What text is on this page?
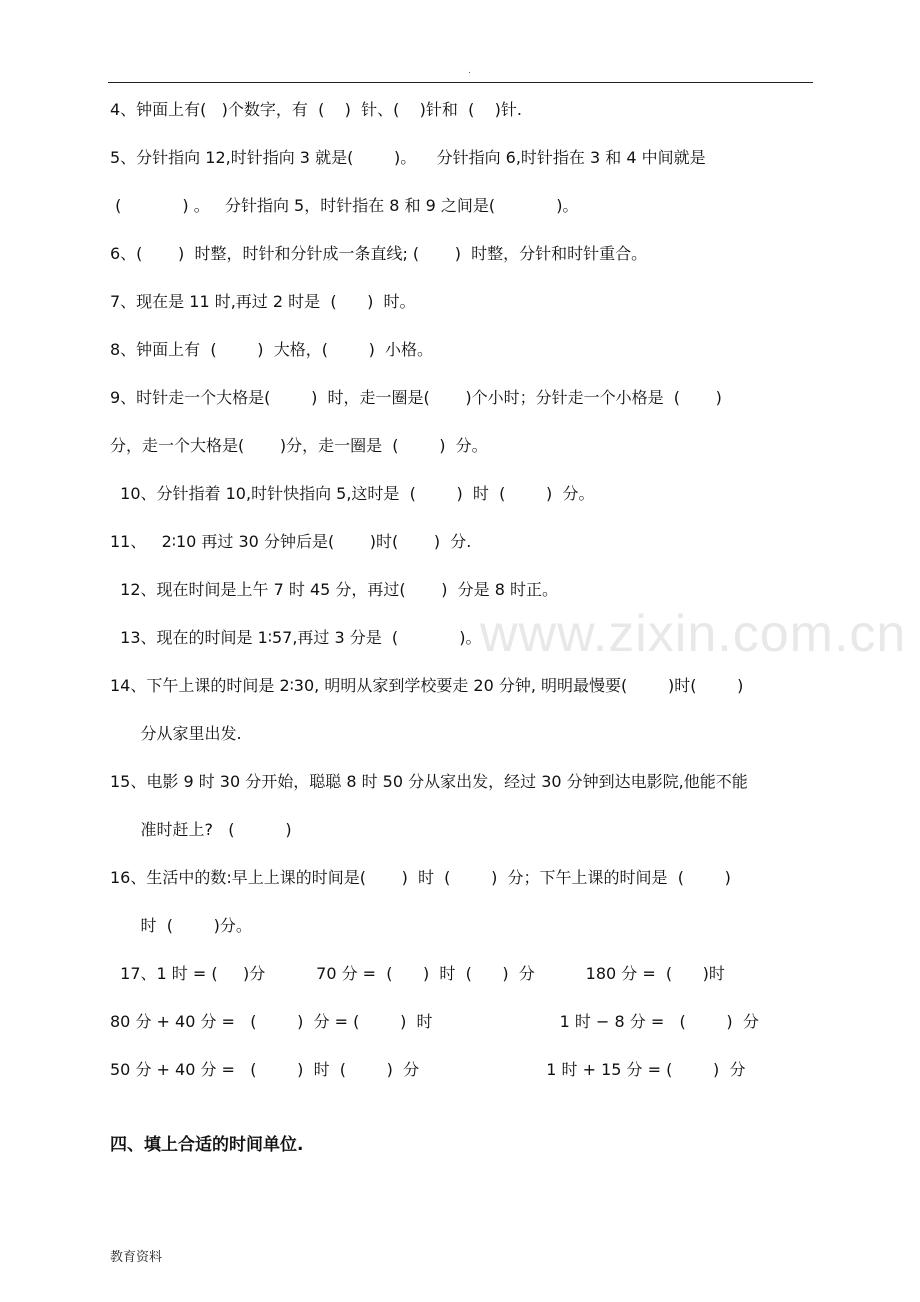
.
www.zixin.com.cn
4、钟面上有(   )个数字，有  (    )  针、(    )针和  (    )针.
5、分针指向 12,时针指向 3 就是(        )。    分针指向 6,时针指在 3 和 4 中间就是
(            ) 。   分针指向 5，时针指在 8 和 9 之间是(            )。
6、(       )  时整，时针和分针成一条直线; (       )  时整，分针和时针重合。
7、现在是 11 时,再过 2 时是  (      )  时。
8、钟面上有  (        )  大格，(        )  小格。
9、时针走一个大格是(        )  时，走一圈是(       )个小时；分针走一个小格是  (       )
分，走一个大格是(       )分，走一圈是  (        )  分。
10、分针指着 10,时针快指向 5,这时是  (        )  时  (        )  分。
11、   2∶10 再过 30 分钟后是(       )时(       )  分.
12、现在时间是上午 7 时 45 分，再过(       )  分是 8 时正。
13、现在的时间是 1∶57,再过 3 分是  (            )。
14、下午上课的时间是 2∶30, 明明从家到学校要走 20 分钟, 明明最慢要(        )时(        )
分从家里出发.
15、电影 9 时 30 分开始，聪聪 8 时 50 分从家出发，经过 30 分钟到达电影院,他能不能
准时赶上?   (          )
16、生活中的数:早上上课的时间是(       )  时  (        )  分；下午上课的时间是  (        )
时  (        )分。
17、1 时 = (     )分          70 分 =  (      )  时  (      )  分          180 分 =  (      )时
80 分 + 40 分 =   (        )  分 = (        )  时                         1 时 − 8 分 =   (        )  分
50 分 + 40 分 =   (        )  时  (        )  分                         1 时 + 15 分 = (        )  分
四、填上合适的时间单位.
教育资料
